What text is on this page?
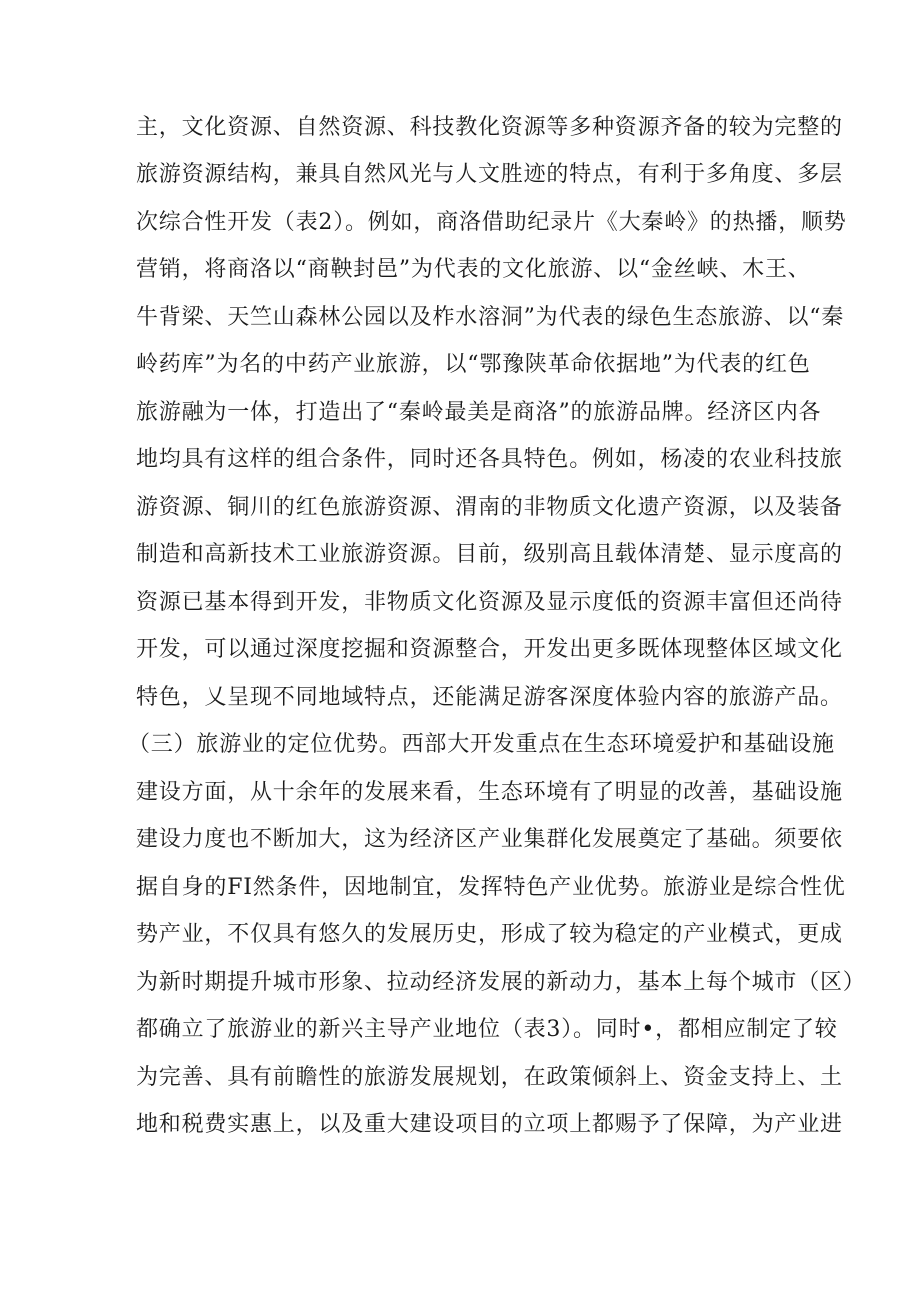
主，文化资源、自然资源、科技教化资源等多种资源齐备的较为完整的

旅游资源结构，兼具自然风光与人文胜迹的特点，有利于多角度、多层

次综合性开发（表2）。例如，商洛借助纪录片《大秦岭》的热播，顺势

营销，将商洛以“商鞅封邑”为代表的文化旅游、以“金丝峡、木王、

牛背梁、天竺山森林公园以及柞水溶洞”为代表的绿色生态旅游、以“秦

岭药库”为名的中药产业旅游，以“鄂豫陕革命依据地”为代表的红色

旅游融为一体，打造出了“秦岭最美是商洛”的旅游品牌。经济区内各

地均具有这样的组合条件，同时还各具特色。例如，杨凌的农业科技旅

游资源、铜川的红色旅游资源、渭南的非物质文化遗产资源，以及装备

制造和高新技术工业旅游资源。目前，级别高且载体清楚、显示度高的

资源已基本得到开发，非物质文化资源及显示度低的资源丰富但还尚待

开发，可以通过深度挖掘和资源整合，开发出更多既体现整体区域文化

特色，乂呈现不同地域特点，还能满足游客深度体验内容的旅游产品。

（三）旅游业的定位优势。西部大开发重点在生态环境爱护和基础设施

建设方面，从十余年的发展来看，生态环境有了明显的改善，基础设施

建设力度也不断加大，这为经济区产业集群化发展奠定了基础。须要依

据自身的FI然条件，因地制宜，发挥特色产业优势。旅游业是综合性优

势产业，不仅具有悠久的发展历史，形成了较为稳定的产业模式，更成

为新时期提升城市形象、拉动经济发展的新动力，基本上每个城市（区）

都确立了旅游业的新兴主导产业地位（表3）。同时•，都相应制定了较

为完善、具有前瞻性的旅游发展规划，在政策倾斜上、资金支持上、土

地和税费实惠上，以及重大建设项目的立项上都赐予了保障，为产业进
